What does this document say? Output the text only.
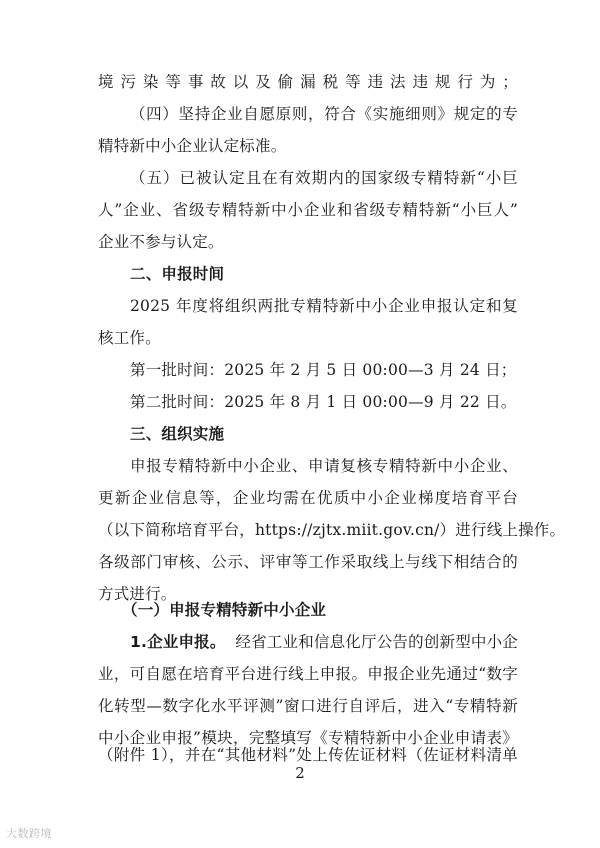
境污染等事故以及偷漏税等违法违规行为；
（四）坚持企业自愿原则，符合《实施细则》规定的专
精特新中小企业认定标准。
（五）已被认定且在有效期内的国家级专精特新“小巨
人”企业、省级专精特新中小企业和省级专精特新“小巨人”
企业不参与认定。
二、申报时间
2025 年度将组织两批专精特新中小企业申报认定和复
核工作。
第一批时间：2025 年 2 月 5 日 00:00—3 月 24 日；
第二批时间：2025 年 8 月 1 日 00:00—9 月 22 日。
三、组织实施
申报专精特新中小企业、申请复核专精特新中小企业、
更新企业信息等，企业均需在优质中小企业梯度培育平台
（以下简称培育平台，https://zjtx.miit.gov.cn/）进行线上操作。
各级部门审核、公示、评审等工作采取线上与线下相结合的
方式进行。
（一）申报专精特新中小企业
1.企业申报。 经省工业和信息化厅公告的创新型中小企
业，可自愿在培育平台进行线上申报。申报企业先通过“数字
化转型—数字化水平评测”窗口进行自评后，进入“专精特新
中小企业申报”模块，完整填写《专精特新中小企业申请表》
（附件 1），并在“其他材料”处上传佐证材料（佐证材料清单
2
大数跨境
